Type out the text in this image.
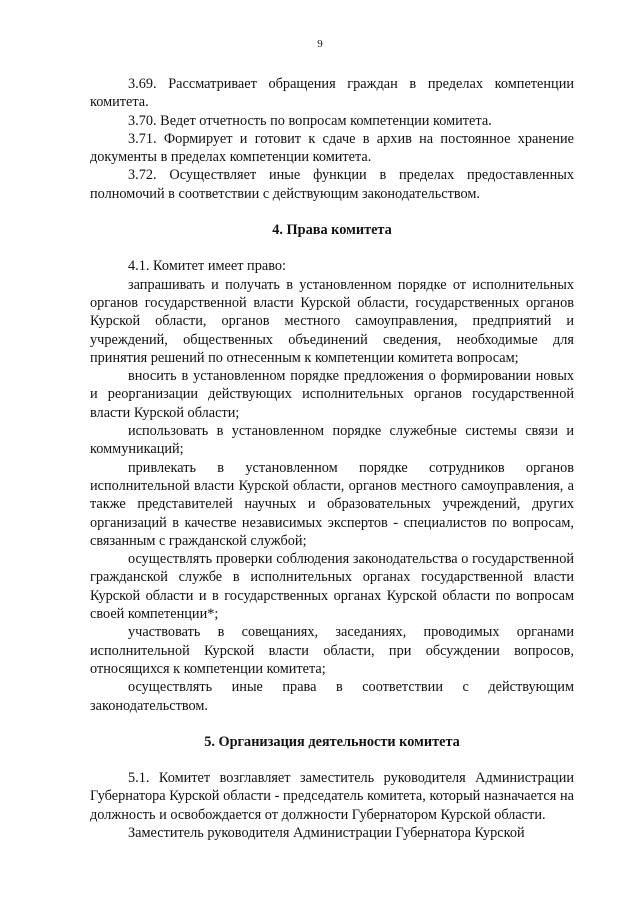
9

3.69. Рассматривает обращения граждан в пределах компетенции комитета.

3.70. Ведет отчетность по вопросам компетенции комитета.

3.71. Формирует и готовит к сдаче в архив на постоянное хранение документы в пределах компетенции комитета.

3.72. Осуществляет иные функции в пределах предоставленных полномочий в соответствии с действующим законодательством.

4. Права комитета

4.1. Комитет имеет право:

запрашивать и получать в установленном порядке от исполнительных органов государственной власти Курской области, государственных органов Курской области, органов местного самоуправления, предприятий и учреждений, общественных объединений сведения, необходимые для принятия решений по отнесенным к компетенции комитета вопросам;

вносить в установленном порядке предложения о формировании новых и реорганизации действующих исполнительных органов государственной власти Курской области;

использовать в установленном порядке служебные системы связи и коммуникаций;

привлекать в установленном порядке сотрудников органов исполнительной власти Курской области, органов местного самоуправления, а также представителей научных и образовательных учреждений, других организаций в качестве независимых экспертов - специалистов по вопросам, связанным с гражданской службой;

осуществлять проверки соблюдения законодательства о государственной гражданской службе в исполнительных органах государственной власти Курской области и в государственных органах Курской области по вопросам своей компетенции*;

участвовать в совещаниях, заседаниях, проводимых органами исполнительной Курской власти области, при обсуждении вопросов, относящихся к компетенции комитета;

осуществлять иные права в соответствии с действующим законодательством.

5. Организация деятельности комитета

5.1. Комитет возглавляет заместитель руководителя Администрации Губернатора Курской области - председатель комитета, который назначается на должность и освобождается от должности Губернатором Курской области.

Заместитель руководителя Администрации Губернатора Курской
